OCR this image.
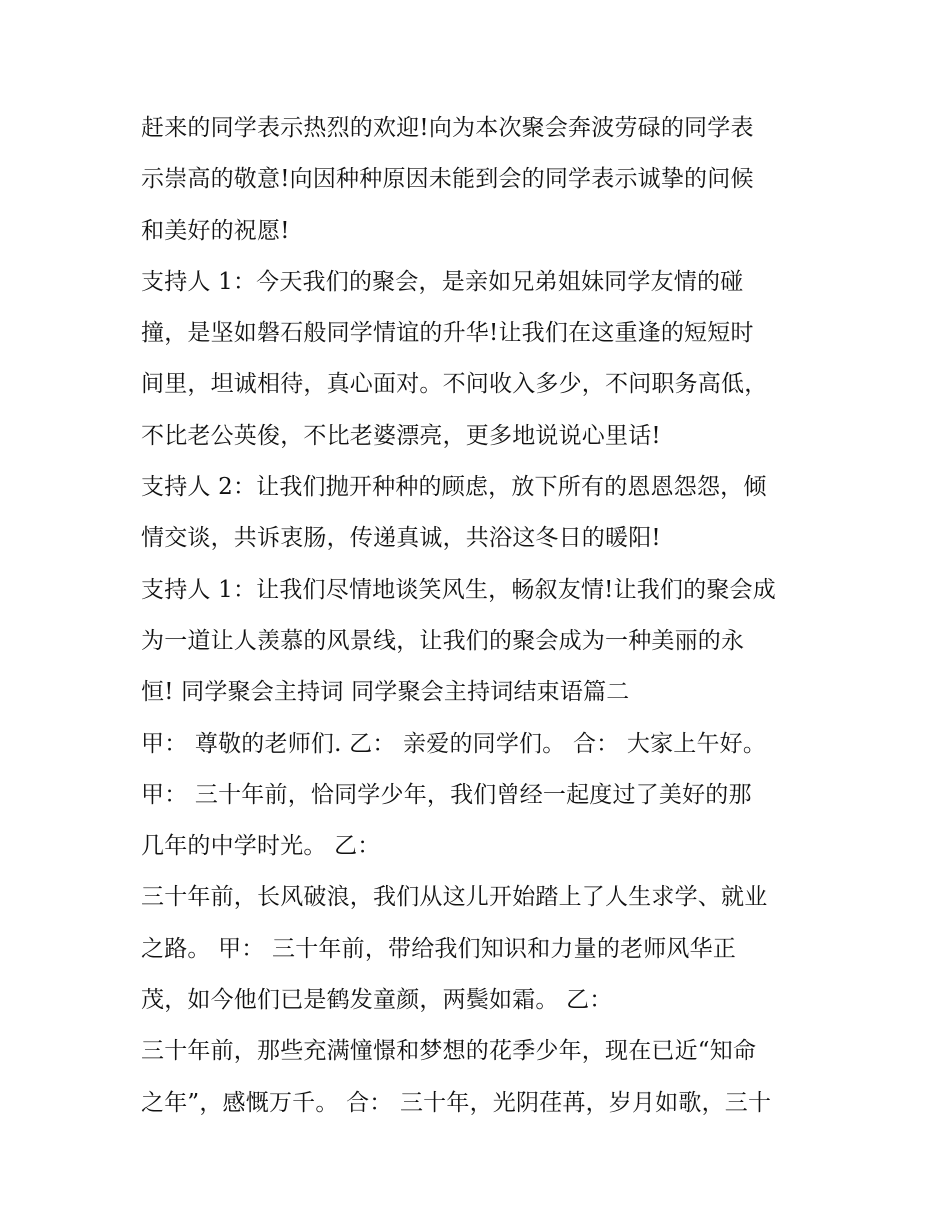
赶来的同学表示热烈的欢迎!向为本次聚会奔波劳碌的同学表
示崇高的敬意!向因种种原因未能到会的同学表示诚挚的问候
和美好的祝愿!
支持人 1：今天我们的聚会，是亲如兄弟姐妹同学友情的碰
撞，是坚如磐石般同学情谊的升华!让我们在这重逢的短短时
间里，坦诚相待，真心面对。不问收入多少，不问职务高低，
不比老公英俊，不比老婆漂亮，更多地说说心里话!
支持人 2：让我们抛开种种的顾虑，放下所有的恩恩怨怨，倾
情交谈，共诉衷肠，传递真诚，共浴这冬日的暖阳!
支持人 1：让我们尽情地谈笑风生，畅叙友情!让我们的聚会成
为一道让人羡慕的风景线，让我们的聚会成为一种美丽的永
恒! 同学聚会主持词 同学聚会主持词结束语篇二
甲： 尊敬的老师们. 乙： 亲爱的同学们。 合： 大家上午好。
甲： 三十年前，恰同学少年，我们曾经一起度过了美好的那
几年的中学时光。 乙：
三十年前，长风破浪，我们从这儿开始踏上了人生求学、就业
之路。 甲： 三十年前，带给我们知识和力量的老师风华正
茂，如今他们已是鹤发童颜，两鬓如霜。 乙：
三十年前，那些充满憧憬和梦想的花季少年，现在已近“知命
之年”，感慨万千。 合： 三十年，光阴荏苒，岁月如歌，三十
